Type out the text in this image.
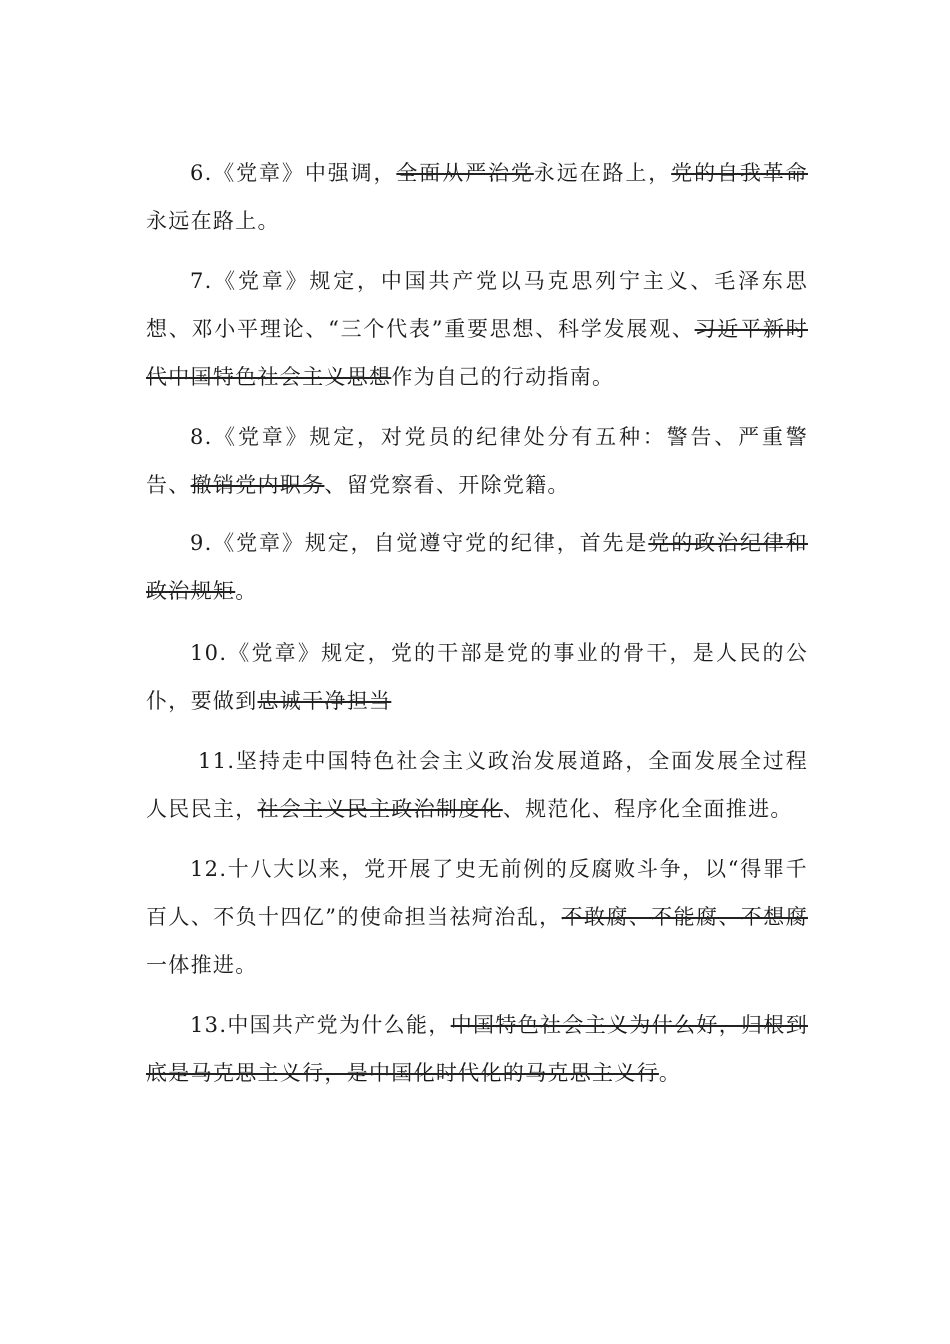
6.《党章》中强调，全面从严治党永远在路上，党的自我革命永远在路上。

7.《党章》规定，中国共产党以马克思列宁主义、毛泽东思想、邓小平理论、“三个代表”重要思想、科学发展观、习近平新时代中国特色社会主义思想作为自己的行动指南。

8.《党章》规定，对党员的纪律处分有五种：警告、严重警告、撤销党内职务、留党察看、开除党籍。

9.《党章》规定，自觉遵守党的纪律，首先是党的政治纪律和政治规矩。

10.《党章》规定，党的干部是党的事业的骨干，是人民的公仆，要做到忠诚干净担当

11.坚持走中国特色社会主义政治发展道路，全面发展全过程人民民主，社会主义民主政治制度化、规范化、程序化全面推进。

12.十八大以来，党开展了史无前例的反腐败斗争，以“得罪千百人、不负十四亿”的使命担当祛疴治乱，不敢腐、不能腐、不想腐一体推进。

13.中国共产党为什么能，中国特色社会主义为什么好，归根到底是马克思主义行，是中国化时代化的马克思主义行。
